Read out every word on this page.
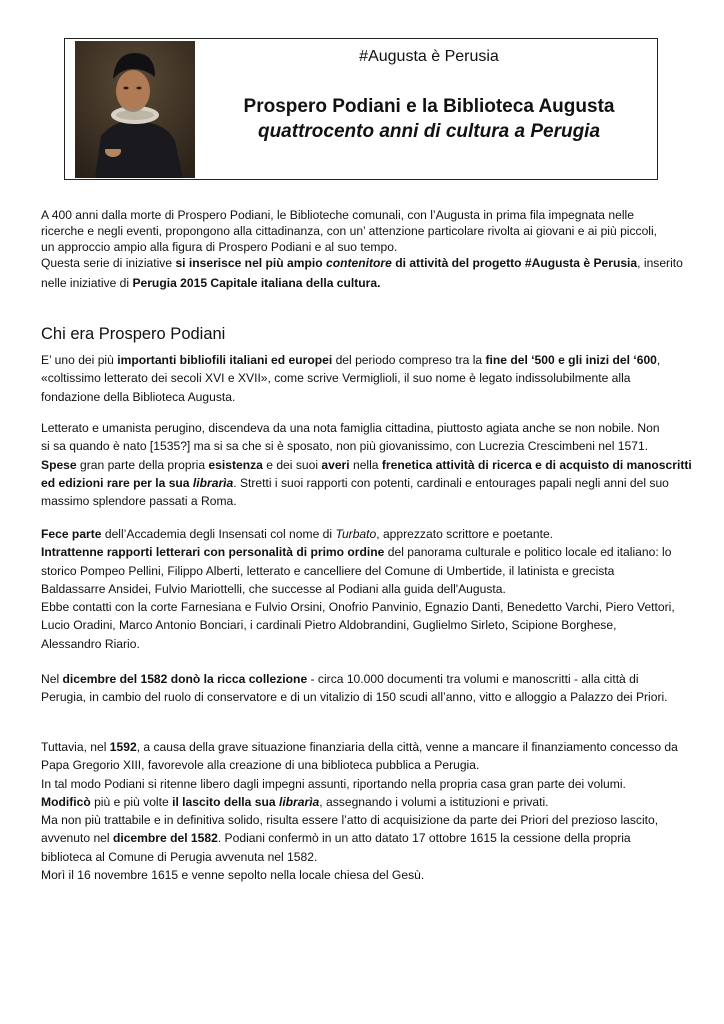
#Augusta è Perusia
Prospero Podiani e la Biblioteca Augusta
quattrocento anni di cultura a Perugia
A 400 anni dalla morte di Prospero Podiani, le Biblioteche comunali, con l’Augusta in prima fila impegnata nelle
ricerche e negli eventi, propongono alla cittadinanza, con un’ attenzione particolare rivolta ai giovani e ai più piccoli,
un approccio ampio alla figura di Prospero Podiani e al suo tempo.
Questa serie di iniziative si inserisce nel più ampio contenitore di attività del progetto #Augusta è Perusia, inserito
nelle iniziative di Perugia 2015 Capitale italiana della cultura.
Chi era Prospero Podiani
E’ uno dei più importanti bibliofili italiani ed europei del periodo compreso tra la fine del ‘500 e gli inizi del ‘600,
«coltissimo letterato dei secoli XVI e XVII», come scrive Vermiglioli, il suo nome è legato indissolubilmente alla
fondazione della Biblioteca Augusta.
Letterato e umanista perugino, discendeva da una nota famiglia cittadina, piuttosto agiata anche se non nobile. Non
si sa quando è nato [1535?] ma si sa che si è sposato, non più giovanissimo, con Lucrezia Crescimbeni nel 1571.
Spese gran parte della propria esistenza e dei suoi averi nella frenetica attività di ricerca e di acquisto di manoscritti
ed edizioni rare per la sua librarìa. Stretti i suoi rapporti con potenti, cardinali e entourages papali negli anni del suo
massimo splendore passati a Roma.
Fece parte dell’Accademia degli Insensati col nome di Turbato, apprezzato scrittore e poetante.
Intrattenne rapporti letterari con personalità di primo ordine del panorama culturale e politico locale ed italiano: lo
storico Pompeo Pellini, Filippo Alberti, letterato e cancelliere del Comune di Umbertide, il latinista e grecista
Baldassarre Ansidei, Fulvio Mariottelli, che successe al Podiani alla guida dell'Augusta.
Ebbe contatti con la corte Farnesiana e Fulvio Orsini, Onofrio Panvinio, Egnazio Danti, Benedetto Varchi, Piero Vettori,
Lucio Oradini, Marco Antonio Bonciari, i cardinali Pietro Aldobrandini, Guglielmo Sirleto, Scipione Borghese,
Alessandro Riario.
Nel dicembre del 1582 donò la ricca collezione - circa 10.000 documenti tra volumi e manoscritti - alla città di
Perugia, in cambio del ruolo di conservatore e di un vitalizio di 150 scudi all’anno, vitto e alloggio a Palazzo dei Priori.
Tuttavia, nel 1592, a causa della grave situazione finanziaria della città, venne a mancare il finanziamento concesso da
Papa Gregorio XIII, favorevole alla creazione di una biblioteca pubblica a Perugia.
In tal modo Podiani si ritenne libero dagli impegni assunti, riportando nella propria casa gran parte dei volumi.
Modificò più e più volte il lascito della sua librarìa, assegnando i volumi a istituzioni e privati.
Ma non più trattabile e in definitiva solido, risulta essere l’atto di acquisizione da parte dei Priori del prezioso lascito,
avvenuto nel dicembre del 1582. Podiani confermò in un atto datato 17 ottobre 1615 la cessione della propria
biblioteca al Comune di Perugia avvenuta nel 1582.
Morì il 16 novembre 1615 e venne sepolto nella locale chiesa del Gesù.
